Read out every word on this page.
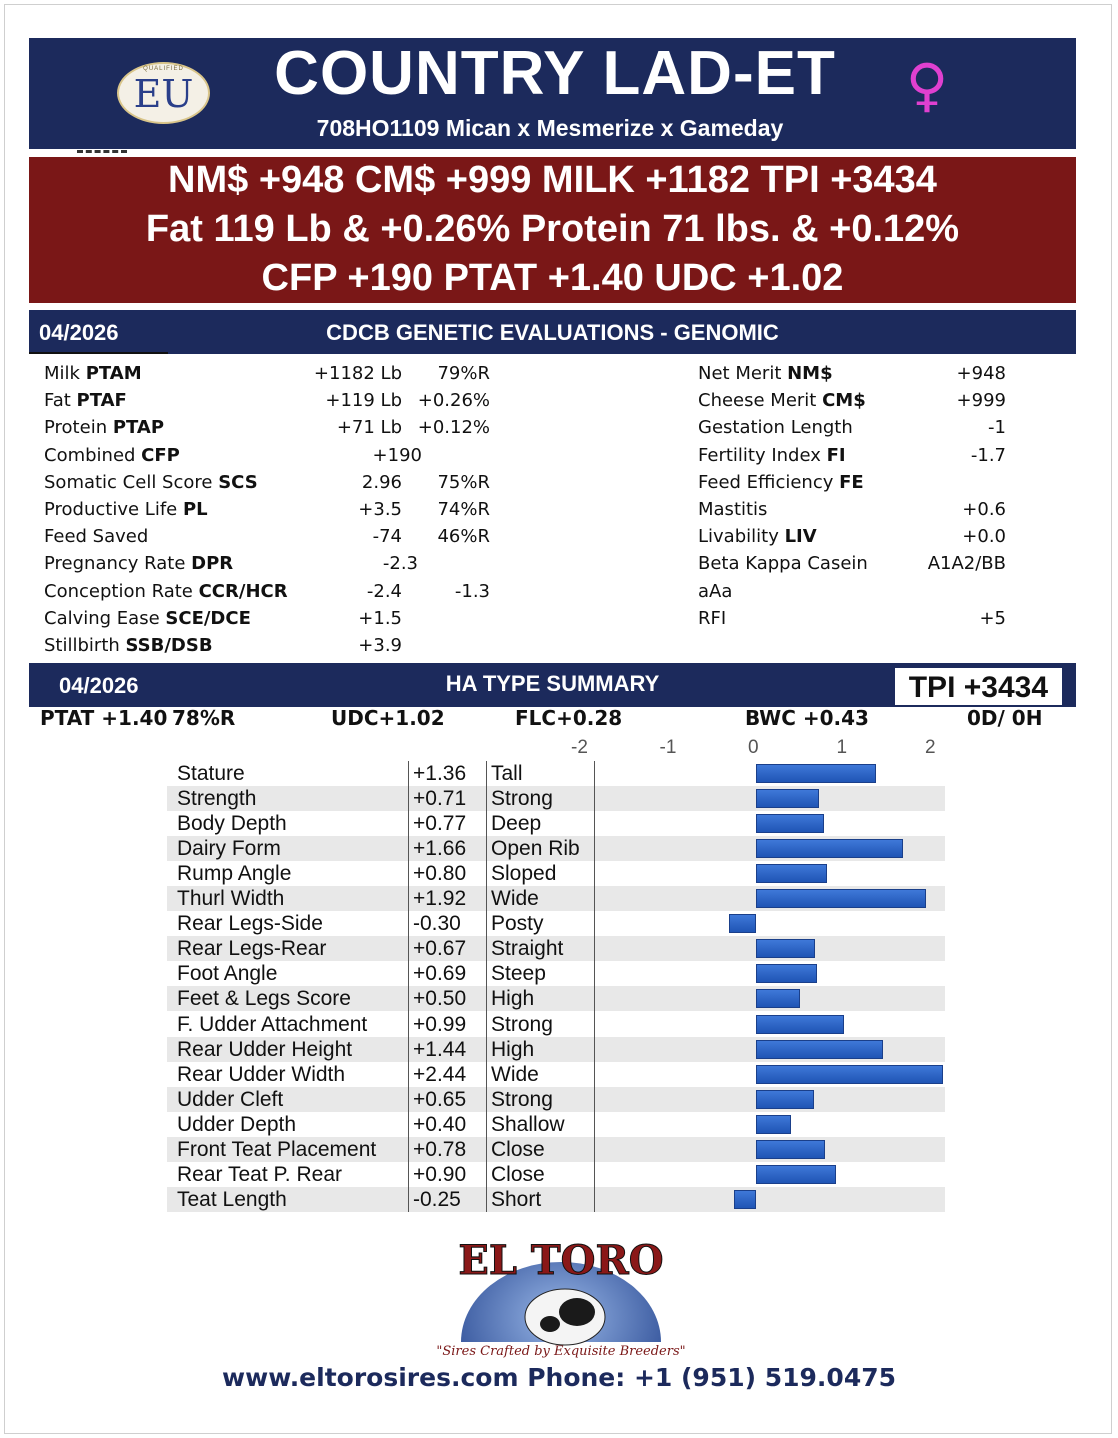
QUALIFIED
EU	COUNTRY LAD-ET
708HO1109 Mican x Mesmerize x Gameday
♀
NM$ +948 CM$ +999 MILK +1182 TPI +3434
Fat 119 Lb & +0.26% Protein 71 lbs. & +0.12%
CFP +190 PTAT +1.40 UDC +1.02
CDCB GENETIC EVALUATIONS - GENOMIC
04/2026
Milk PTAM	+1182 Lb 79%R
Fat PTAF	+119 Lb +0.26%
Protein PTAP	+71 Lb +0.12%
Combined CFP	+190
Somatic Cell Score SCS	2.96 75%R
Productive Life PL	+3.5 74%R
Feed Saved	-74 46%R
Pregnancy Rate DPR	-2.3
Conception Rate CCR/HCR	-2.4	-1.3
Calving Ease SCE/DCE	+1.5
Stillbirth SSB/DSB	+3.9
Net Merit NM$	+948
Cheese Merit CM$	+999
Gestation Length	-1
Fertility Index FI	-1.7
Feed Efficiency FE
Mastitis	+0.6
Livability LIV	+0.0
Beta Kappa Casein	A1A2/BB
aAa
RFI	+5
04/2026	HA TYPE SUMMARY	TPI +3434
PTAT +1.40 78%R	UDC+1.02	FLC+0.28	BWC +0.43	0D/ 0H
-2	-1	0	1	2
Stature	+1.36 Tall
Strength	+0.71 Strong
Body Depth	+0.77 Deep
Dairy Form	+1.66 Open Rib
Rump Angle	+0.80 Sloped
Thurl Width	+1.92 Wide
Rear Legs-Side	-0.30 Posty
Rear Legs-Rear	+0.67 Straight
Foot Angle	+0.69 Steep
Feet & Legs Score	+0.50 High
F. Udder Attachment +0.99 Strong
Rear Udder Height	+1.44 High
Rear Udder Width	+2.44 Wide
Udder Cleft	+0.65 Strong
Udder Depth	+0.40 Shallow
Front Teat Placement +0.78 Close
Rear Teat P. Rear	+0.90 Close
Teat Length	-0.25 Short
EL TORO
"Sires Crafted by Exquisite Breeders"
www.eltorosires.com Phone: +1 (951) 519.0475
